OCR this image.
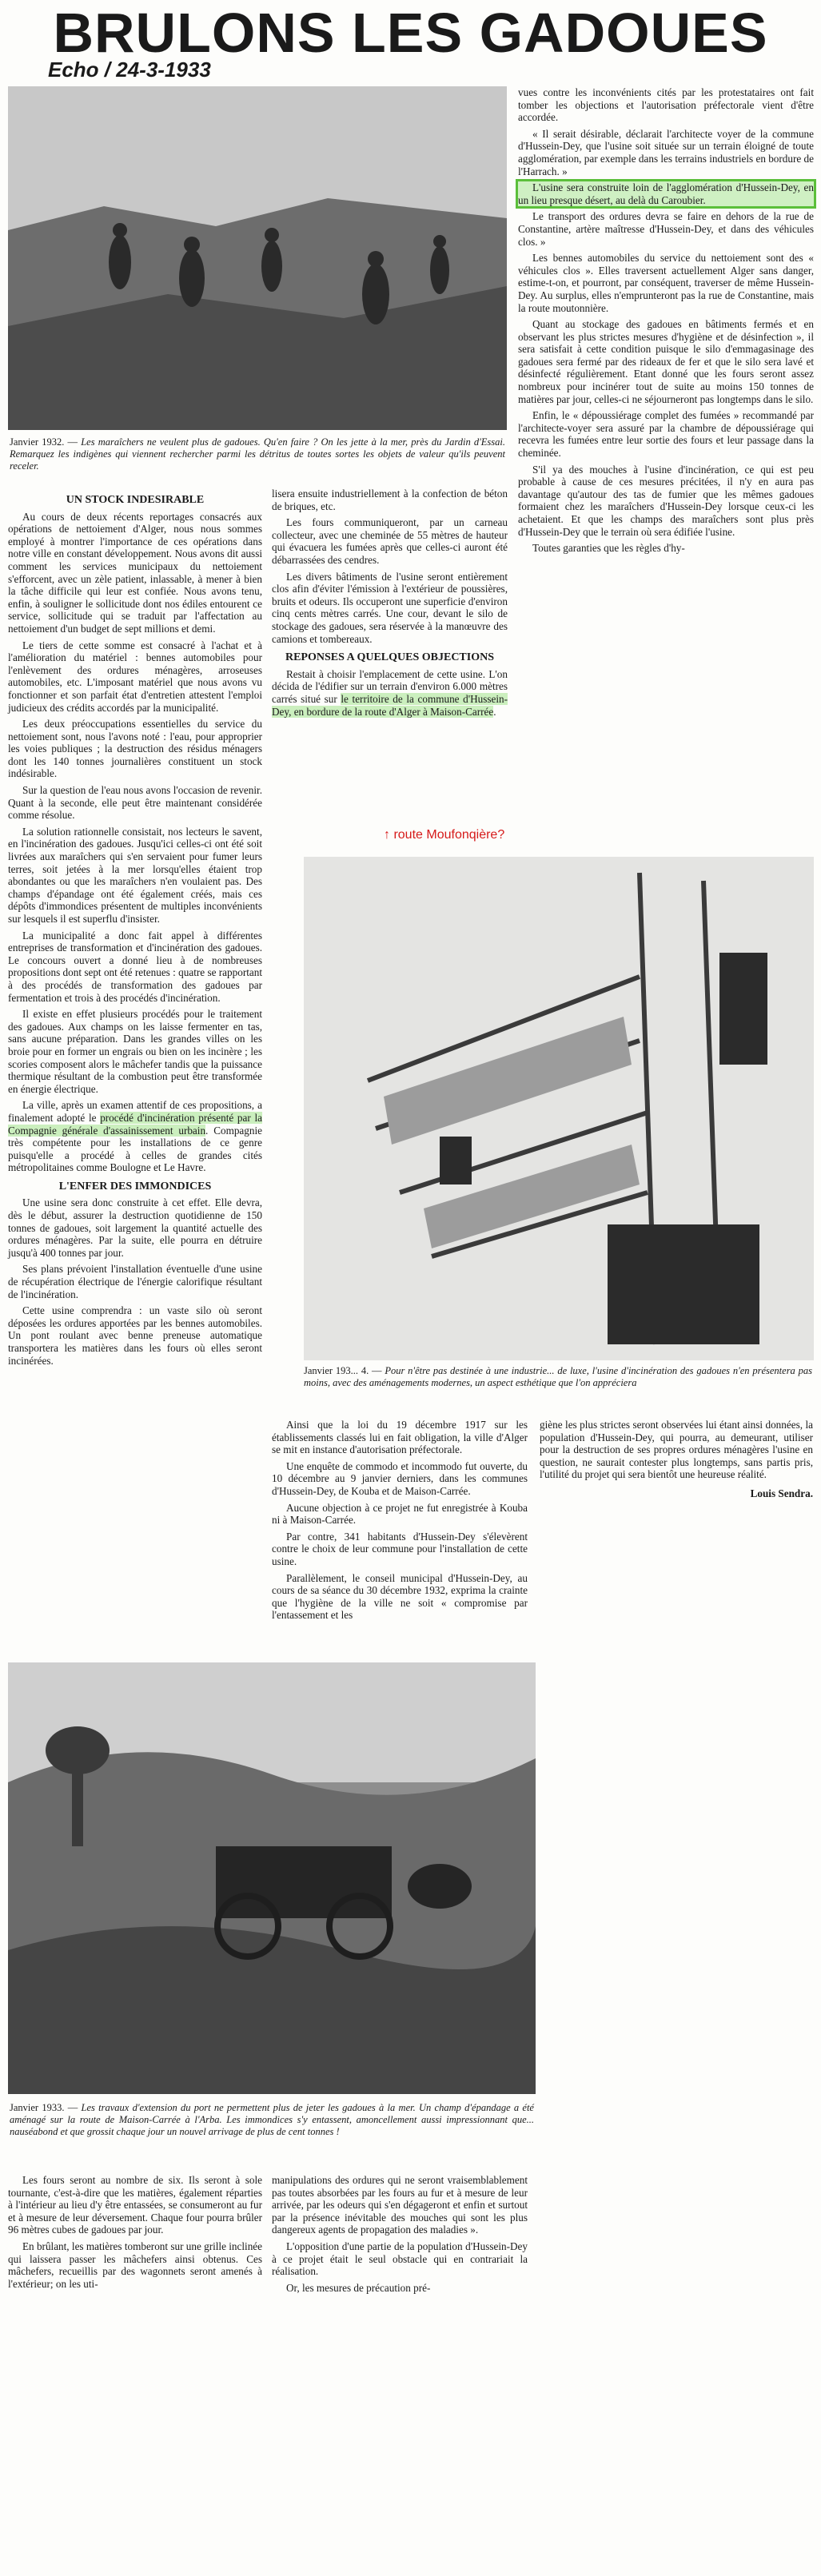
BRULONS LES GADOUES
Echo / 24-3-1933
Janvier 1932. — Les maraîchers ne veulent plus de gadoues. Qu'en faire ? On les jette à la mer, près du Jardin d'Essai. Remarquez les indigènes qui viennent rechercher parmi les détritus de toutes sortes les objets de valeur qu'ils peuvent receler.
UN STOCK INDESIRABLE

Au cours de deux récents reportages consacrés aux opérations de nettoiement d'Alger, nous nous sommes employé à montrer l'importance de ces opérations dans notre ville en constant développement. Nous avons dit aussi comment les services municipaux du nettoiement s'efforcent, avec un zèle patient, inlassable, à mener à bien la tâche difficile qui leur est confiée. Nous avons tenu, enfin, à souligner le sollicitude dont nos édiles entourent ce service, sollicitude qui se traduit par l'affectation au nettoiement d'un budget de sept millions et demi.

Le tiers de cette somme est consacré à l'achat et à l'amélioration du matériel : bennes automobiles pour l'enlèvement des ordures ménagères, arroseuses automobiles, etc. L'imposant matériel que nous avons vu fonctionner et son parfait état d'entretien attestent l'emploi judicieux des crédits accordés par la municipalité.

Les deux préoccupations essentielles du service du nettoiement sont, nous l'avons noté : l'eau, pour approprier les voies publiques ; la destruction des résidus ménagers dont les 140 tonnes journalières constituent un stock indésirable.

Sur la question de l'eau nous avons l'occasion de revenir. Quant à la seconde, elle peut être maintenant considérée comme résolue.

La solution rationnelle consistait, nos lecteurs le savent, en l'incinération des gadoues. Jusqu'ici celles-ci ont été soit livrées aux maraîchers qui s'en servaient pour fumer leurs terres, soit jetées à la mer lorsqu'elles étaient trop abondantes ou que les maraîchers n'en voulaient pas. Des champs d'épandage ont été également créés, mais ces dépôts d'immondices présentent de multiples inconvénients sur lesquels il est superflu d'insister.

La municipalité a donc fait appel à différentes entreprises de transformation et d'incinération des gadoues. Le concours ouvert a donné lieu à de nombreuses propositions dont sept ont été retenues : quatre se rapportant à des procédés de transformation des gadoues par fermentation et trois à des procédés d'incinération.

Il existe en effet plusieurs procédés pour le traitement des gadoues. Aux champs on les laisse fermenter en tas, sans aucune préparation. Dans les grandes villes on les broie pour en former un engrais ou bien on les incinère ; les scories composent alors le mâchefer tandis que la puissance thermique résultant de la combustion peut être transformée en énergie électrique.

La ville, après un examen attentif de ces propositions, a finalement adopté le procédé d'incinération présenté par la Compagnie générale d'assainissement urbain. Compagnie très compétente pour les installations de ce genre puisqu'elle a procédé à celles de grandes cités métropolitaines comme Boulogne et Le Havre.

L'ENFER DES IMMONDICES

Une usine sera donc construite à cet effet. Elle devra, dès le début, assurer la destruction quotidienne de 150 tonnes de gadoues, soit largement la quantité actuelle des ordures ménagères. Par la suite, elle pourra en détruire jusqu'à 400 tonnes par jour.

Ses plans prévoient l'installation éventuelle d'une usine de récupération électrique de l'énergie calorifique résultant de l'incinération.

Cette usine comprendra : un vaste silo où seront déposées les ordures apportées par les bennes automobiles. Un pont roulant avec benne preneuse automatique transportera les matières dans les fours où elles seront incinérées.

lisera ensuite industriellement à la confection de béton de briques, etc.

Les fours communiqueront, par un carneau collecteur, avec une cheminée de 55 mètres de hauteur qui évacuera les fumées après que celles-ci auront été débarrassées des cendres.

Les divers bâtiments de l'usine seront entièrement clos afin d'éviter l'émission à l'extérieur de poussières, bruits et odeurs. Ils occuperont une superficie d'environ cinq cents mètres carrés. Une cour, devant le silo de stockage des gadoues, sera réservée à la manœuvre des camions et tombereaux.

REPONSES A QUELQUES OBJECTIONS

Restait à choisir l'emplacement de cette usine. L'on décida de l'édifier sur un terrain d'environ 6.000 mètres carrés situé sur le territoire de la commune d'Hussein-Dey, en bordure de la route d'Alger à Maison-Carrée.

vues contre les inconvénients cités par les protestataires ont fait tomber les objections et l'autorisation préfectorale vient d'être accordée.

« Il serait désirable, déclarait l'architecte voyer de la commune d'Hussein-Dey, que l'usine soit située sur un terrain éloigné de toute agglomération, par exemple dans les terrains industriels en bordure de l'Harrach. »

L'usine sera construite loin de l'agglomération d'Hussein-Dey, en un lieu presque désert, au delà du Caroubier.

Le transport des ordures devra se faire en dehors de la rue de Constantine, artère maîtresse d'Hussein-Dey, et dans des véhicules clos. »

Les bennes automobiles du service du nettoiement sont des « véhicules clos ». Elles traversent actuellement Alger sans danger, estime-t-on, et pourront, par conséquent, traverser de même Hussein-Dey. Au surplus, elles n'emprunteront pas la rue de Constantine, mais la route moutonnière.

Quant au stockage des gadoues en bâtiments fermés et en observant les plus strictes mesures d'hygiène et de désinfection », il sera satisfait à cette condition puisque le silo d'emmagasinage des gadoues sera fermé par des rideaux de fer et que le silo sera lavé et désinfecté régulièrement. Etant donné que les fours seront assez nombreux pour incinérer tout de suite au moins 150 tonnes de matières par jour, celles-ci ne séjourneront pas longtemps dans le silo.

Enfin, le « dépoussiérage complet des fumées » recommandé par l'architecte-voyer sera assuré par la chambre de dépoussiérage qui recevra les fumées entre leur sortie des fours et leur passage dans la cheminée.

S'il ya des mouches à l'usine d'incinération, ce qui est peu probable à cause de ces mesures précitées, il n'y en aura pas davantage qu'autour des tas de fumier que les mêmes gadoues formaient chez les maraîchers d'Hussein-Dey lorsque ceux-ci les achetaient. Et que les champs des maraîchers sont plus près d'Hussein-Dey que le terrain où sera édifiée l'usine.

Toutes garanties que les règles d'hy-

↑ route Moufonqière?
Janvier 193... 4. — Pour n'être pas destinée à une industrie... de luxe, l'usine d'incinération des gadoues n'en présentera pas moins, avec des aménagements modernes, un aspect esthétique que l'on appréciera

Ainsi que la loi du 19 décembre 1917 sur les établissements classés lui en fait obligation, la ville d'Alger se mit en instance d'autorisation préfectorale.

Une enquête de commodo et incommodo fut ouverte, du 10 décembre au 9 janvier derniers, dans les communes d'Hussein-Dey, de Kouba et de Maison-Carrée.

Aucune objection à ce projet ne fut enregistrée à Kouba ni à Maison-Carrée.

Par contre, 341 habitants d'Hussein-Dey s'élevèrent contre le choix de leur commune pour l'installation de cette usine.

Parallèlement, le conseil municipal d'Hussein-Dey, au cours de sa séance du 30 décembre 1932, exprima la crainte que l'hygiène de la ville ne soit « compromise par l'entassement et les

giène les plus strictes seront observées lui étant ainsi données, la population d'Hussein-Dey, qui pourra, au demeurant, utiliser pour la destruction de ses propres ordures ménagères l'usine en question, ne saurait contester plus longtemps, sans partis pris, l'utilité du projet qui sera bientôt une heureuse réalité.

Louis Sendra.
Janvier 1933. — Les travaux d'extension du port ne permettent plus de jeter les gadoues à la mer. Un champ d'épandage a été aménagé sur la route de Maison-Carrée à l'Arba. Les immondices s'y entassent, amoncellement aussi impressionnant que... nauséabond et que grossit chaque jour un nouvel arrivage de plus de cent tonnes !

Les fours seront au nombre de six. Ils seront à sole tournante, c'est-à-dire que les matières, également réparties à l'intérieur au lieu d'y être entassées, se consumeront au fur et à mesure de leur déversement. Chaque four pourra brûler 96 mètres cubes de gadoues par jour.

En brûlant, les matières tomberont sur une grille inclinée qui laissera passer les mâchefers ainsi obtenus. Ces mâchefers, recueillis par des wagonnets seront amenés à l'extérieur; on les uti-

manipulations des ordures qui ne seront vraisemblablement pas toutes absorbées par les fours au fur et à mesure de leur arrivée, par les odeurs qui s'en dégageront et enfin et surtout par la présence inévitable des mouches qui sont les plus dangereux agents de propagation des maladies ».

L'opposition d'une partie de la population d'Hussein-Dey à ce projet était le seul obstacle qui en contrariait la réalisation.

Or, les mesures de précaution pré-
